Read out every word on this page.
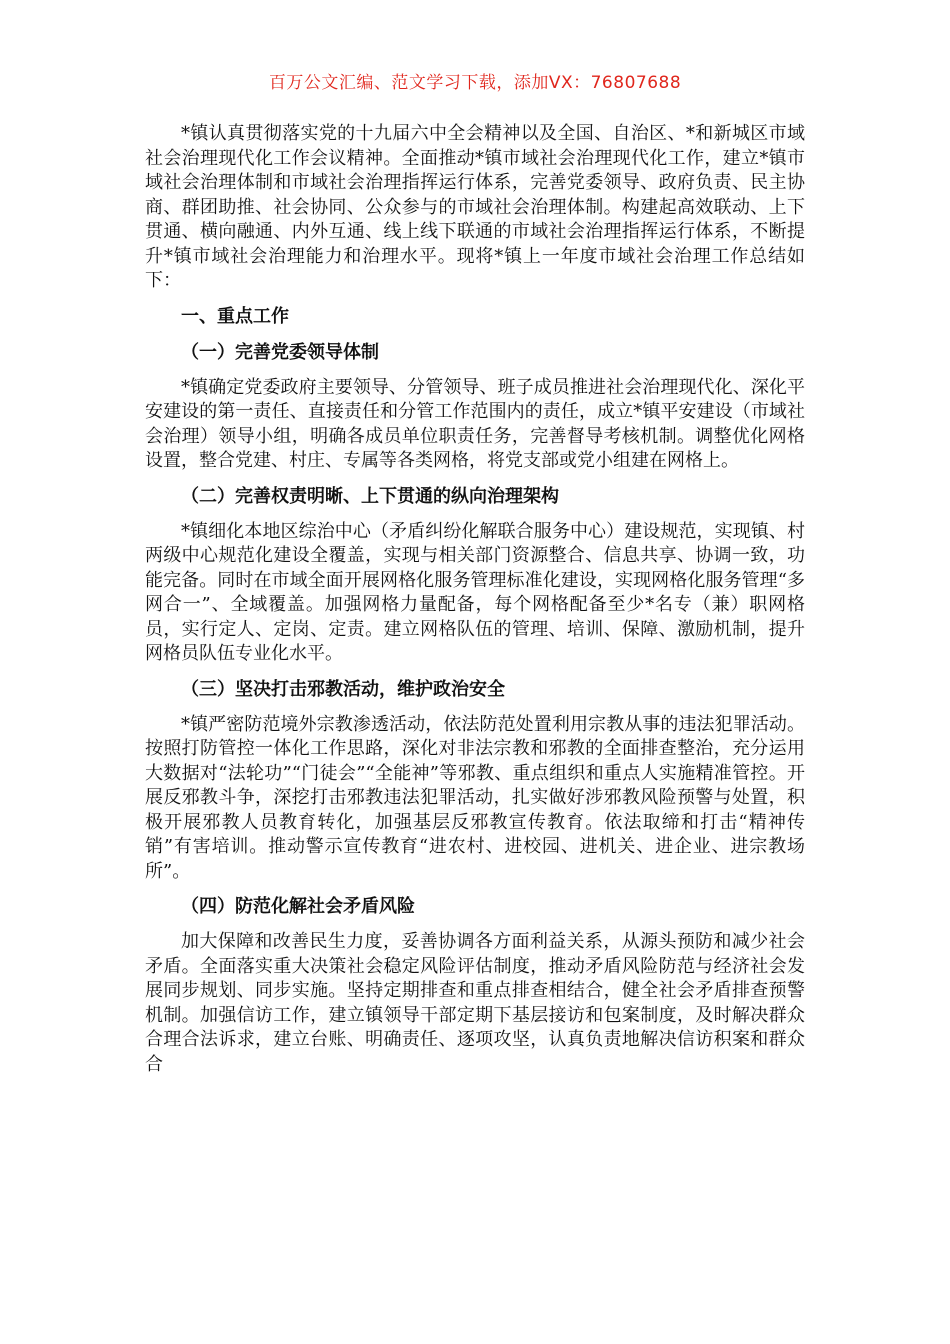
百万公文汇编、范文学习下载，添加VX：76807688

*镇认真贯彻落实党的十九届六中全会精神以及全国、自治区、*和新城区市域社会治理现代化工作会议精神。全面推动*镇市域社会治理现代化工作，建立*镇市域社会治理体制和市域社会治理指挥运行体系，完善党委领导、政府负责、民主协商、群团助推、社会协同、公众参与的市域社会治理体制。构建起高效联动、上下贯通、横向融通、内外互通、线上线下联通的市域社会治理指挥运行体系，不断提升*镇市域社会治理能力和治理水平。现将*镇上一年度市域社会治理工作总结如下：

一、重点工作

（一）完善党委领导体制

*镇确定党委政府主要领导、分管领导、班子成员推进社会治理现代化、深化平安建设的第一责任、直接责任和分管工作范围内的责任，成立*镇平安建设（市域社会治理）领导小组，明确各成员单位职责任务，完善督导考核机制。调整优化网格设置，整合党建、村庄、专属等各类网格，将党支部或党小组建在网格上。

（二）完善权责明晰、上下贯通的纵向治理架构

*镇细化本地区综治中心（矛盾纠纷化解联合服务中心）建设规范，实现镇、村两级中心规范化建设全覆盖，实现与相关部门资源整合、信息共享、协调一致，功能完备。同时在市域全面开展网格化服务管理标准化建设，实现网格化服务管理“多网合一”、全域覆盖。加强网格力量配备，每个网格配备至少*名专（兼）职网格员，实行定人、定岗、定责。建立网格队伍的管理、培训、保障、激励机制，提升网格员队伍专业化水平。

（三）坚决打击邪教活动，维护政治安全

*镇严密防范境外宗教渗透活动，依法防范处置利用宗教从事的违法犯罪活动。按照打防管控一体化工作思路，深化对非法宗教和邪教的全面排查整治，充分运用大数据对“法轮功”“门徒会”“全能神”等邪教、重点组织和重点人实施精准管控。开展反邪教斗争，深挖打击邪教违法犯罪活动，扎实做好涉邪教风险预警与处置，积极开展邪教人员教育转化，加强基层反邪教宣传教育。依法取缔和打击“精神传销”有害培训。推动警示宣传教育“进农村、进校园、进机关、进企业、进宗教场所”。

（四）防范化解社会矛盾风险

加大保障和改善民生力度，妥善协调各方面利益关系，从源头预防和减少社会矛盾。全面落实重大决策社会稳定风险评估制度，推动矛盾风险防范与经济社会发展同步规划、同步实施。坚持定期排查和重点排查相结合，健全社会矛盾排查预警机制。加强信访工作，建立镇领导干部定期下基层接访和包案制度，及时解决群众合理合法诉求，建立台账、明确责任、逐项攻坚，认真负责地解决信访积案和群众合
